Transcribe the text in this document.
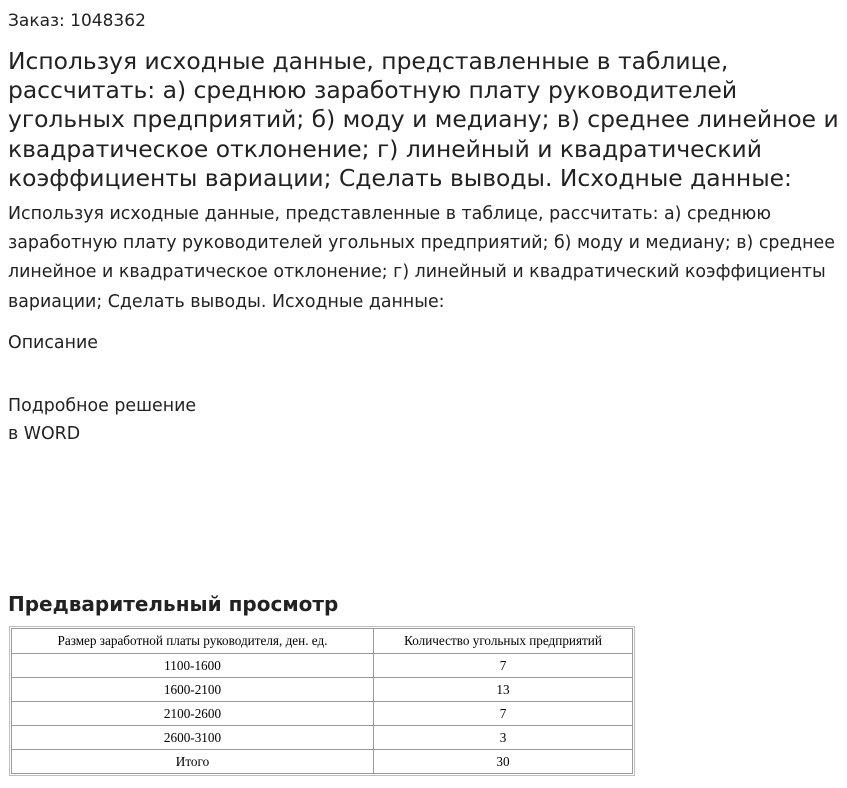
Заказ: 1048362
Используя исходные данные, представленные в таблице, рассчитать: а) среднюю заработную плату руководителей угольных предприятий; б) моду и медиану; в) среднее линейное и квадратическое отклонение; г) линейный и квадратический коэффициенты вариации; Сделать выводы. Исходные данные:

Используя исходные данные, представленные в таблице, рассчитать: а) среднюю заработную плату руководителей угольных предприятий; б) моду и медиану; в) среднее линейное и квадратическое отклонение; г) линейный и квадратический коэффициенты вариации; Сделать выводы. Исходные данные:

Описание
Подробное решение
в WORD
Предварительный просмотр
Размер заработной платы руководителя, ден. ед.	Количество угольных предприятий
1100-1600	7
1600-2100	13
2100-2600	7
2600-3100	3
Итого	30
